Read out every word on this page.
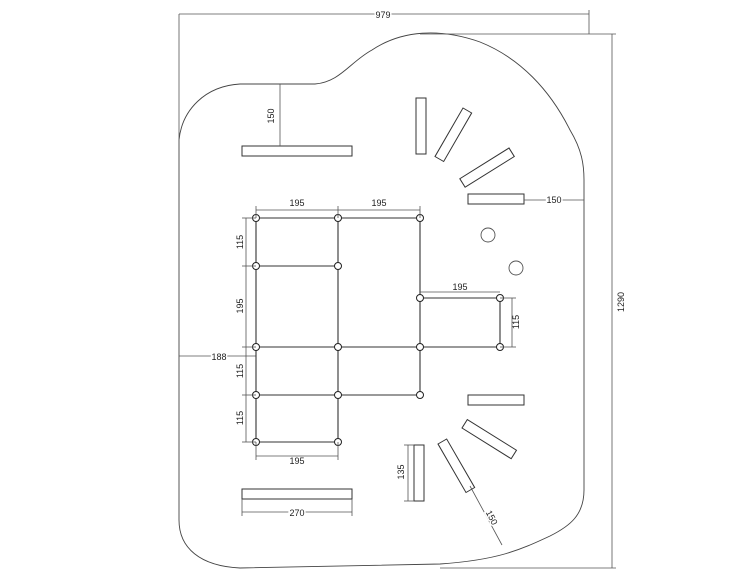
979
1290
188
150
270
150
135
150
195	195
195
195
115
115
195
115
115
